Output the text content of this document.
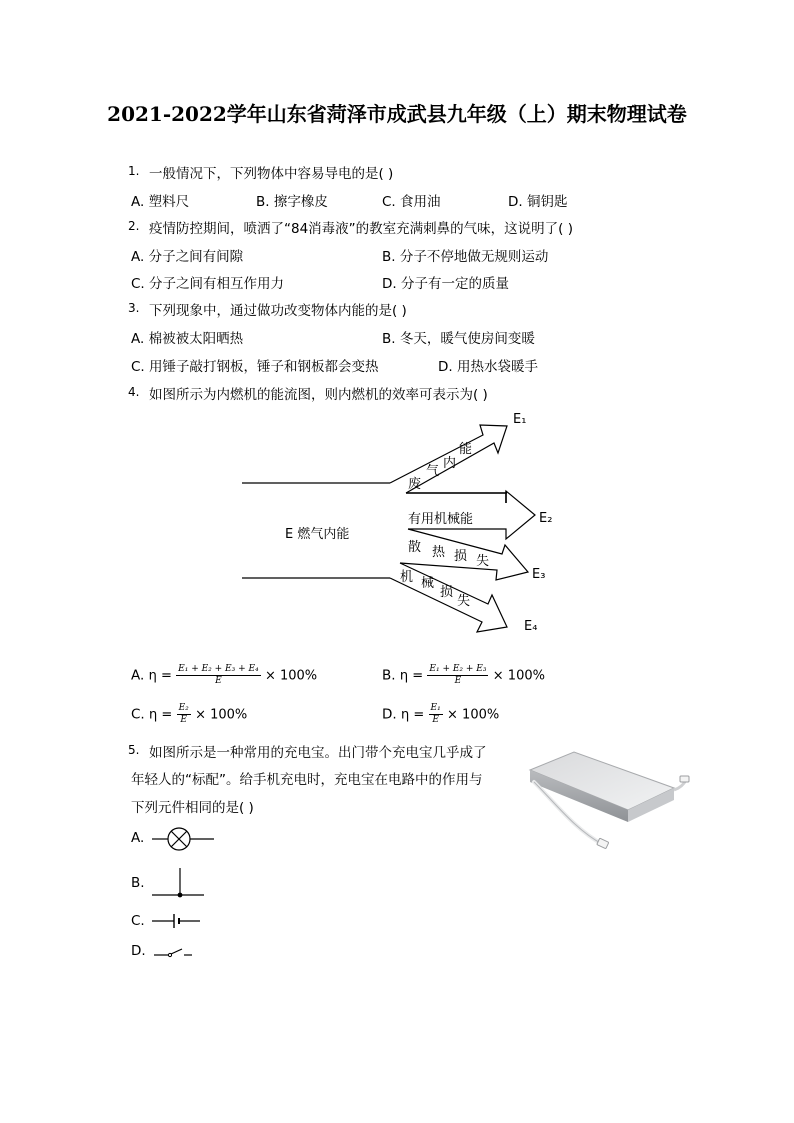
2021-2022学年山东省菏泽市成武县九年级（上）期末物理试卷
1. 一般情况下，下列物体中容易导电的是( )
A. 塑料尺	B. 擦字橡皮	C. 食用油	D. 铜钥匙
2. 疫情防控期间，喷洒了“84消毒液”的教室充满刺鼻的气味，这说明了( )
A. 分子之间有间隙	B. 分子不停地做无规则运动
C. 分子之间有相互作用力	D. 分子有一定的质量
3. 下列现象中，通过做功改变物体内能的是( )
A. 棉被被太阳晒热	B. 冬天，暖气使房间变暖
C. 用锤子敲打钢板，锤子和钢板都会变热	D. 用热水袋暖手
4. 如图所示为内燃机的能流图，则内燃机的效率可表示为( )
E 燃气内能
废
气
内
能
有用机械能
散 热 损 失
机 械
损
失
E₁
E₂
E₃
E₄
A. $\eta = \frac{\text{E₁ + E₂ + E₃ + E₄}}{E} \times 100\%$	B. $\eta = \frac{\text{E₁ + E₂ + E₃}}{E} \times 100\%$
C. $\eta = \frac{\text{E₂}}{E} \times 100\%$	D. $\eta = \frac{\text{E₁}}{E} \times 100\%$
5. 如图所示是一种常用的充电宝。出门带个充电宝几乎成了
年轻人的“标配”。给手机充电时，充电宝在电路中的作用与
下列元件相同的是( )
A.
B.
C.
D.
